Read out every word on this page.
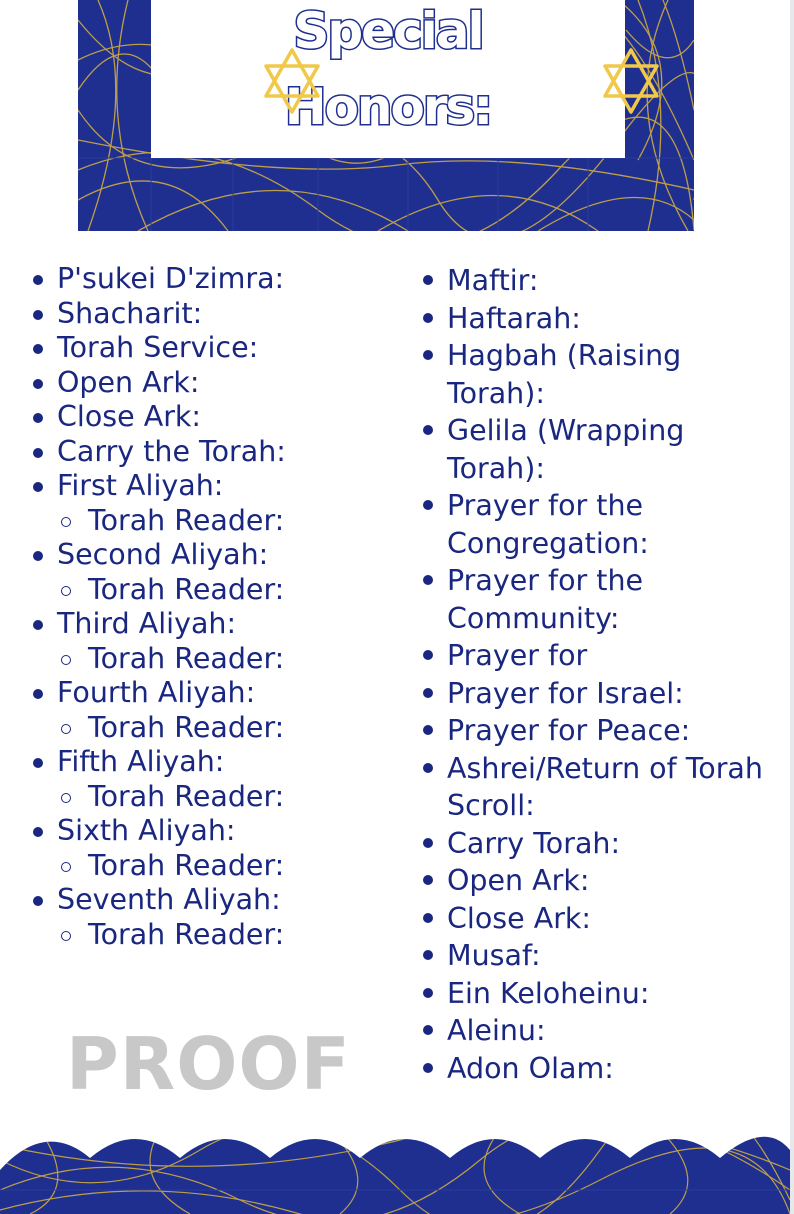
Special
Honors:
P'sukei D'zimra:
Shacharit:
Torah Service:
Open Ark:
Close Ark:
Carry the Torah:
First Aliyah:
Torah Reader:
Second Aliyah:
Torah Reader:
Third Aliyah:
Torah Reader:
Fourth Aliyah:
Torah Reader:
Fifth Aliyah:
Torah Reader:
Sixth Aliyah:
Torah Reader:
Seventh Aliyah:
Torah Reader:
Maftir:
Haftarah:
Hagbah (Raising Torah):
Gelila (Wrapping Torah):
Prayer for the Congregation:
Prayer for the Community:
Prayer for
Prayer for Israel:
Prayer for Peace:
Ashrei/Return of Torah Scroll:
Carry Torah:
Open Ark:
Close Ark:
Musaf:
Ein Keloheinu:
Aleinu:
Adon Olam:
PROOF
